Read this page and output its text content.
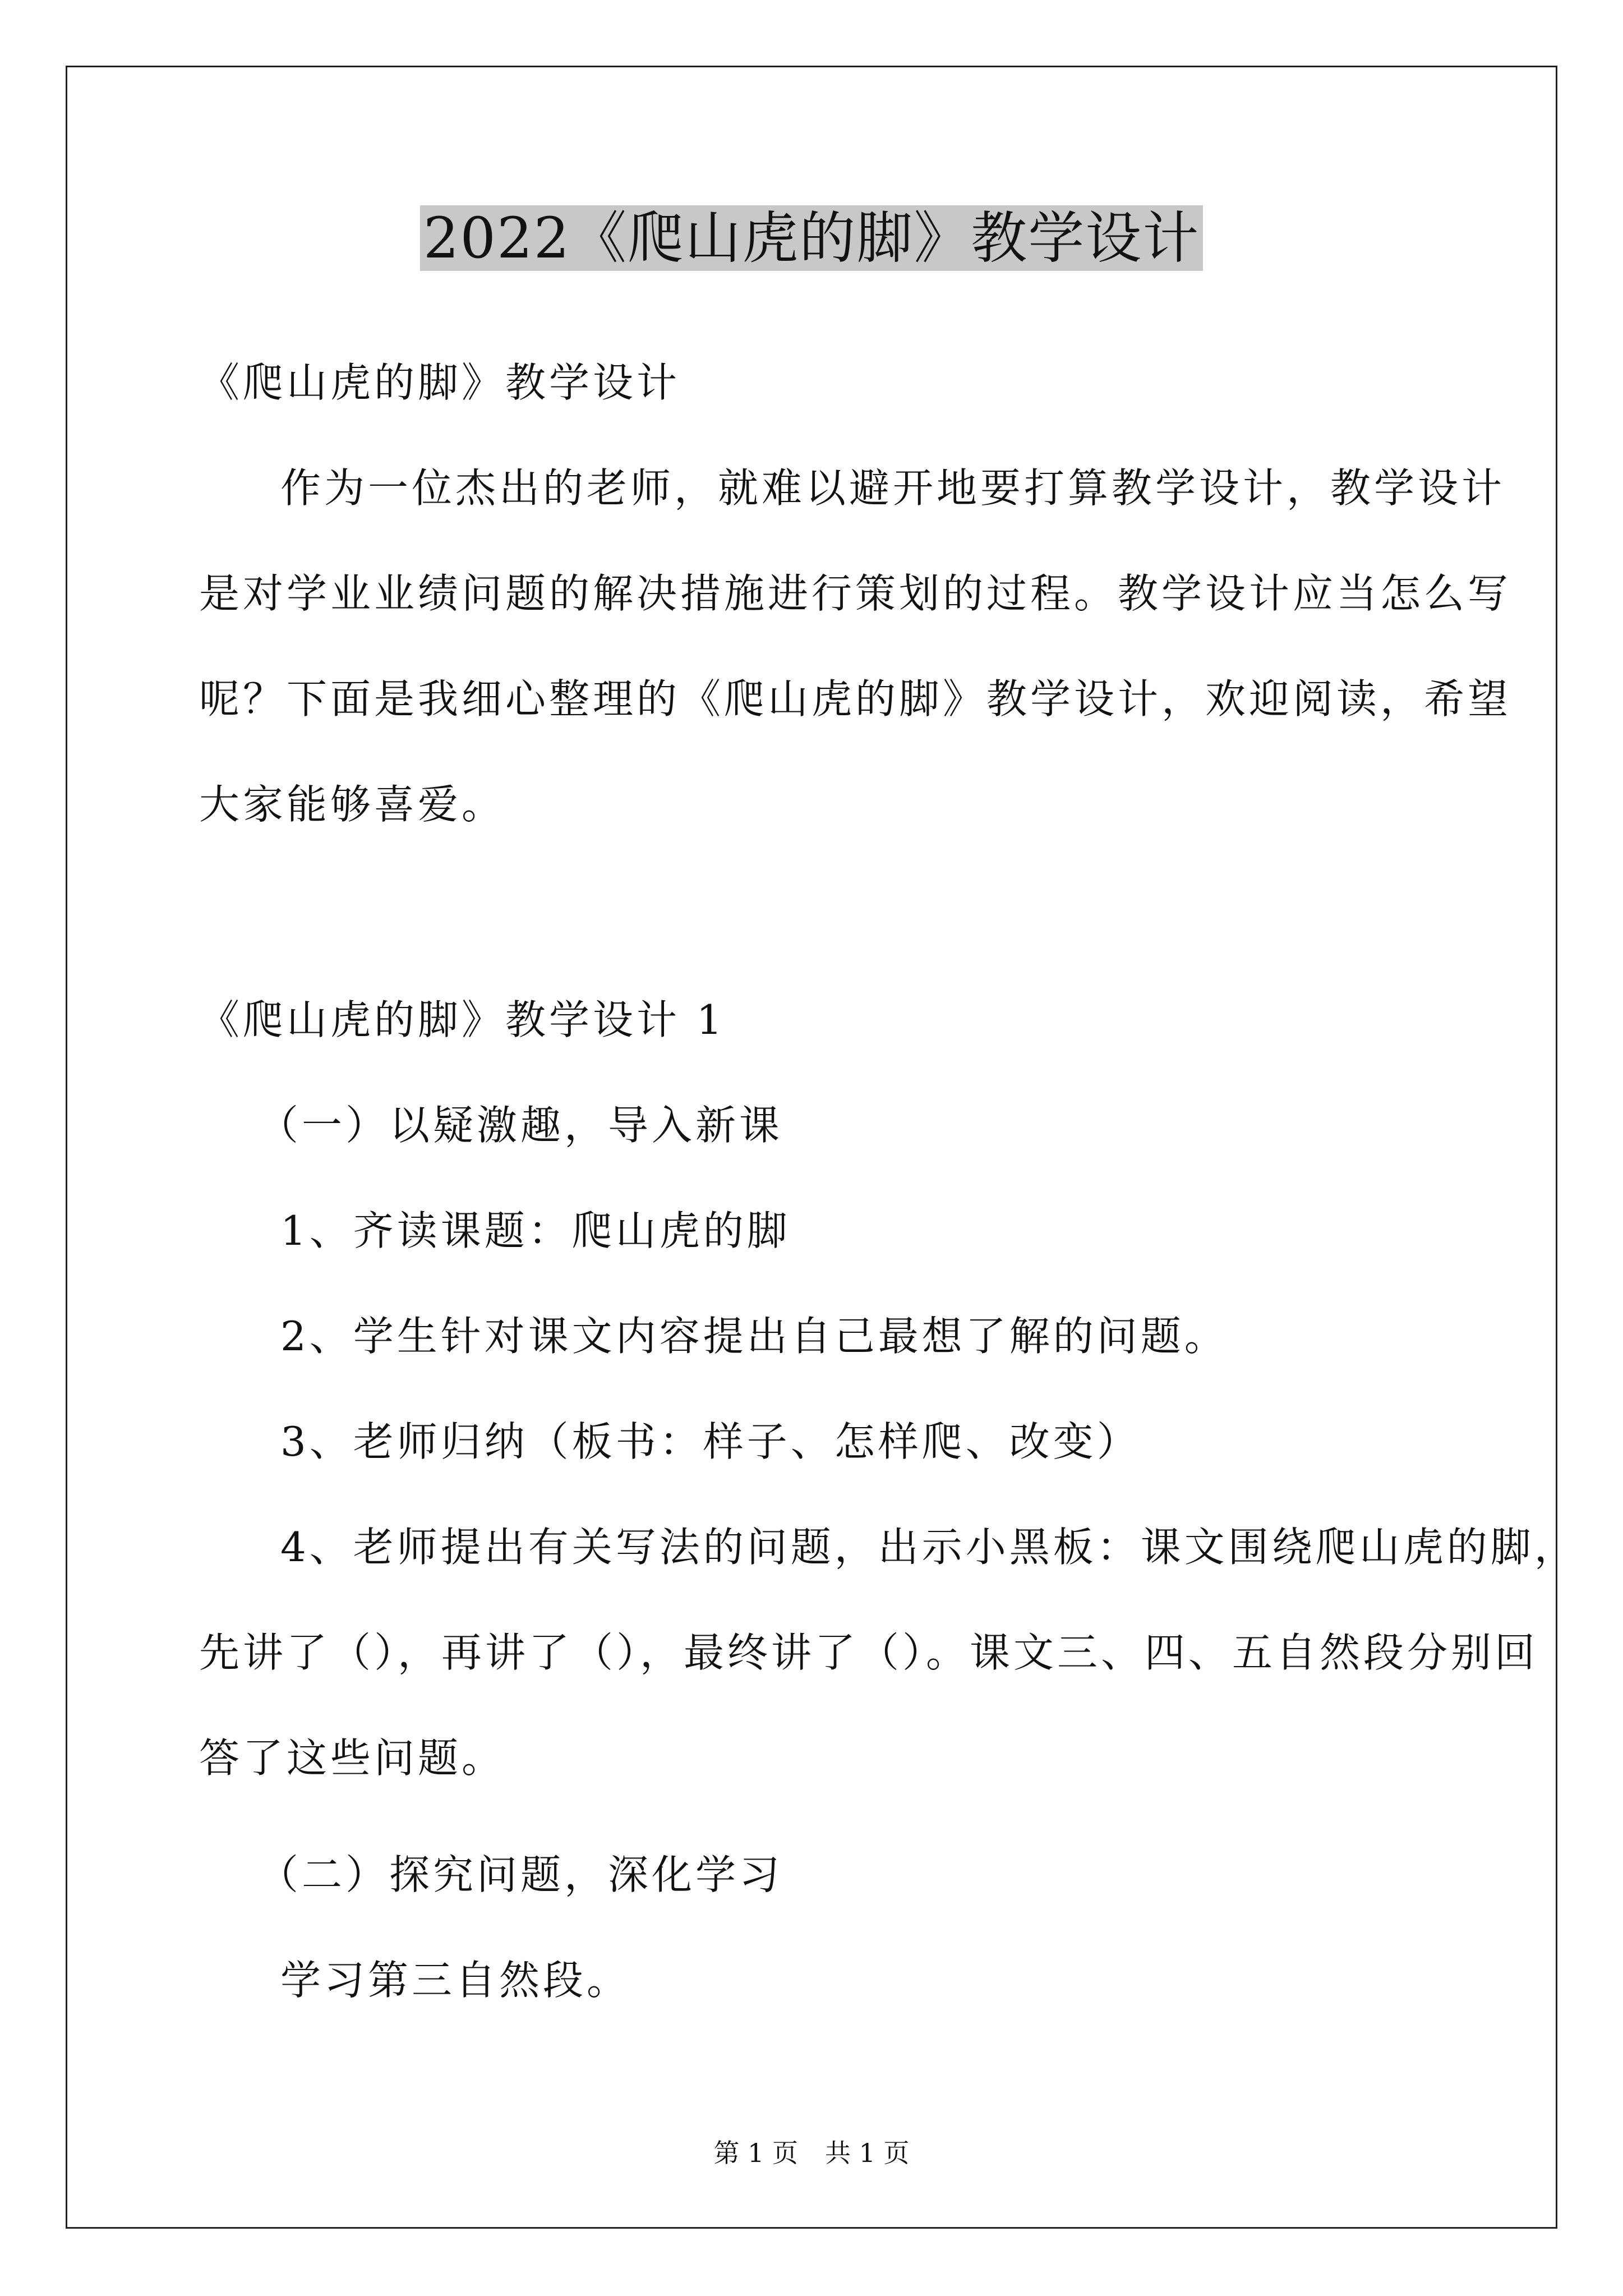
2022《爬山虎的脚》教学设计
《爬山虎的脚》教学设计
作为一位杰出的老师，就难以避开地要打算教学设计，教学设计
是对学业业绩问题的解决措施进行策划的过程。教学设计应当怎么写
呢？下面是我细心整理的《爬山虎的脚》教学设计，欢迎阅读，希望
大家能够喜爱。
《爬山虎的脚》教学设计 1
（一）以疑激趣，导入新课
1、齐读课题：爬山虎的脚
2、学生针对课文内容提出自己最想了解的问题。
3、老师归纳（板书：样子、怎样爬、改变）
4、老师提出有关写法的问题，出示小黑板：课文围绕爬山虎的脚，
先讲了（），再讲了（），最终讲了（）。课文三、四、五自然段分别回
答了这些问题。
（二）探究问题，深化学习
学习第三自然段。
第 1 页 共 1 页
